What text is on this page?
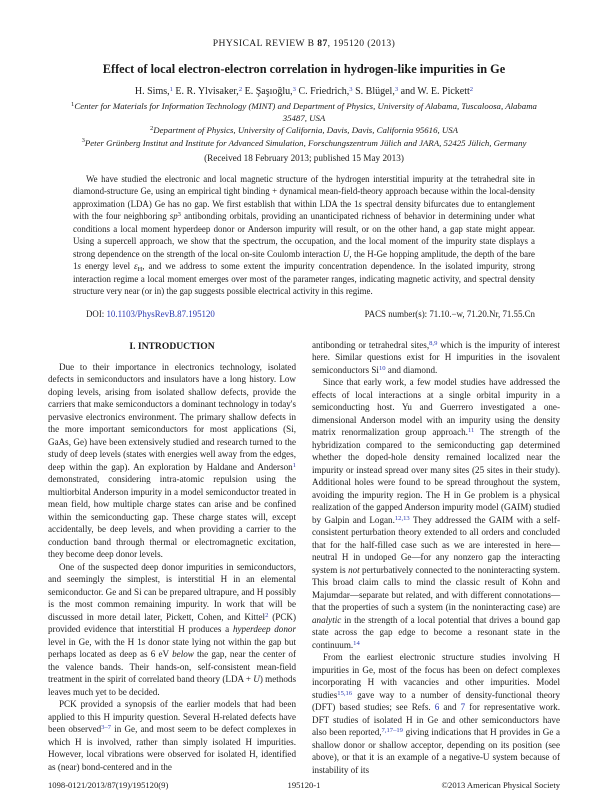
PHYSICAL REVIEW B 87, 195120 (2013)
Effect of local electron-electron correlation in hydrogen-like impurities in Ge
H. Sims,$^1$ E. R. Ylvisaker,$^2$ E. Şaşıoğlu,$^3$ C. Friedrich,$^3$ S. Blügel,$^3$ and W. E. Pickett$^2$
$^1$Center for Materials for Information Technology (MINT) and Department of Physics, University of Alabama, Tuscaloosa, Alabama 35487, USA
$^2$Department of Physics, University of California, Davis, Davis, California 95616, USA
$^3$Peter Grünberg Institut and Institute for Advanced Simulation, Forschungszentrum Jülich and JARA, 52425 Jülich, Germany
(Received 18 February 2013; published 15 May 2013)
We have studied the electronic and local magnetic structure of the hydrogen interstitial impurity at the tetrahedral site in diamond-structure Ge, using an empirical tight binding + dynamical mean-field-theory approach because within the local-density approximation (LDA) Ge has no gap. We first establish that within LDA the 1s spectral density bifurcates due to entanglement with the four neighboring $sp^3$ antibonding orbitals, providing an unanticipated richness of behavior in determining under what conditions a local moment hyperdeep donor or Anderson impurity will result, or on the other hand, a gap state might appear. Using a supercell approach, we show that the spectrum, the occupation, and the local moment of the impurity state displays a strong dependence on the strength of the local on-site Coulomb interaction U, the H-Ge hopping amplitude, the depth of the bare 1s energy level $\varepsilon_H$, and we address to some extent the impurity concentration dependence. In the isolated impurity, strong interaction regime a local moment emerges over most of the parameter ranges, indicating magnetic activity, and spectral density structure very near (or in) the gap suggests possible electrical activity in this regime.
DOI: 10.1103/PhysRevB.87.195120	PACS number(s): 71.10.−w, 71.20.Nr, 71.55.Cn
I. INTRODUCTION

Due to their importance in electronics technology, isolated defects in semiconductors and insulators have a long history. Low doping levels, arising from isolated shallow defects, provide the carriers that make semiconductors a dominant technology in today's pervasive electronics environment. The primary shallow defects in the more important semiconductors for most applications (Si, GaAs, Ge) have been extensively studied and research turned to the study of deep levels (states with energies well away from the edges, deep within the gap). An exploration by Haldane and Anderson$^1$ demonstrated, considering intra-atomic repulsion using the multiorbital Anderson impurity in a model semiconductor treated in mean field, how multiple charge states can arise and be confined within the semiconducting gap. These charge states will, except accidentally, be deep levels, and when providing a carrier to the conduction band through thermal or electromagnetic excitation, they become deep donor levels.

One of the suspected deep donor impurities in semiconductors, and seemingly the simplest, is interstitial H in an elemental semiconductor. Ge and Si can be prepared ultrapure, and H possibly is the most common remaining impurity. In work that will be discussed in more detail later, Pickett, Cohen, and Kittel$^2$ (PCK) provided evidence that interstitial H produces a hyperdeep donor level in Ge, with the H 1s donor state lying not within the gap but perhaps located as deep as 6 eV below the gap, near the center of the valence bands. Their hands-on, self-consistent mean-field treatment in the spirit of correlated band theory (LDA + U) methods leaves much yet to be decided.

PCK provided a synopsis of the earlier models that had been applied to this H impurity question. Several H-related defects have been observed$^{3-7}$ in Ge, and most seem to be defect complexes in which H is involved, rather than simply isolated H impurities. However, local vibrations were observed for isolated H, identified as (near) bond-centered and in the

antibonding or tetrahedral sites,$^{8,9}$ which is the impurity of interest here. Similar questions exist for H impurities in the isovalent semiconductors Si$^{10}$ and diamond.

Since that early work, a few model studies have addressed the effects of local interactions at a single orbital impurity in a semiconducting host. Yu and Guerrero investigated a one-dimensional Anderson model with an impurity using the density matrix renormalization group approach.$^{11}$ The strength of the hybridization compared to the semiconducting gap determined whether the doped-hole density remained localized near the impurity or instead spread over many sites (25 sites in their study). Additional holes were found to be spread throughout the system, avoiding the impurity region. The H in Ge problem is a physical realization of the gapped Anderson impurity model (GAIM) studied by Galpin and Logan.$^{12,13}$ They addressed the GAIM with a self-consistent perturbation theory extended to all orders and concluded that for the half-filled case such as we are interested in here—neutral H in undoped Ge—for any nonzero gap the interacting system is not perturbatively connected to the noninteracting system. This broad claim calls to mind the classic result of Kohn and Majumdar—separate but related, and with different connotations—that the properties of such a system (in the noninteracting case) are analytic in the strength of a local potential that drives a bound gap state across the gap edge to become a resonant state in the continuum.$^{14}$

From the earliest electronic structure studies involving H impurities in Ge, most of the focus has been on defect complexes incorporating H with vacancies and other impurities. Model studies$^{15,16}$ gave way to a number of density-functional theory (DFT) based studies; see Refs. 6 and 7 for representative work. DFT studies of isolated H in Ge and other semiconductors have also been reported,$^{7,17-19}$ giving indications that H provides in Ge a shallow donor or shallow acceptor, depending on its position (see above), or that it is an example of a negative-U system because of instability of its

1098-0121/2013/87(19)/195120(9)	195120-1	©2013 American Physical Society
